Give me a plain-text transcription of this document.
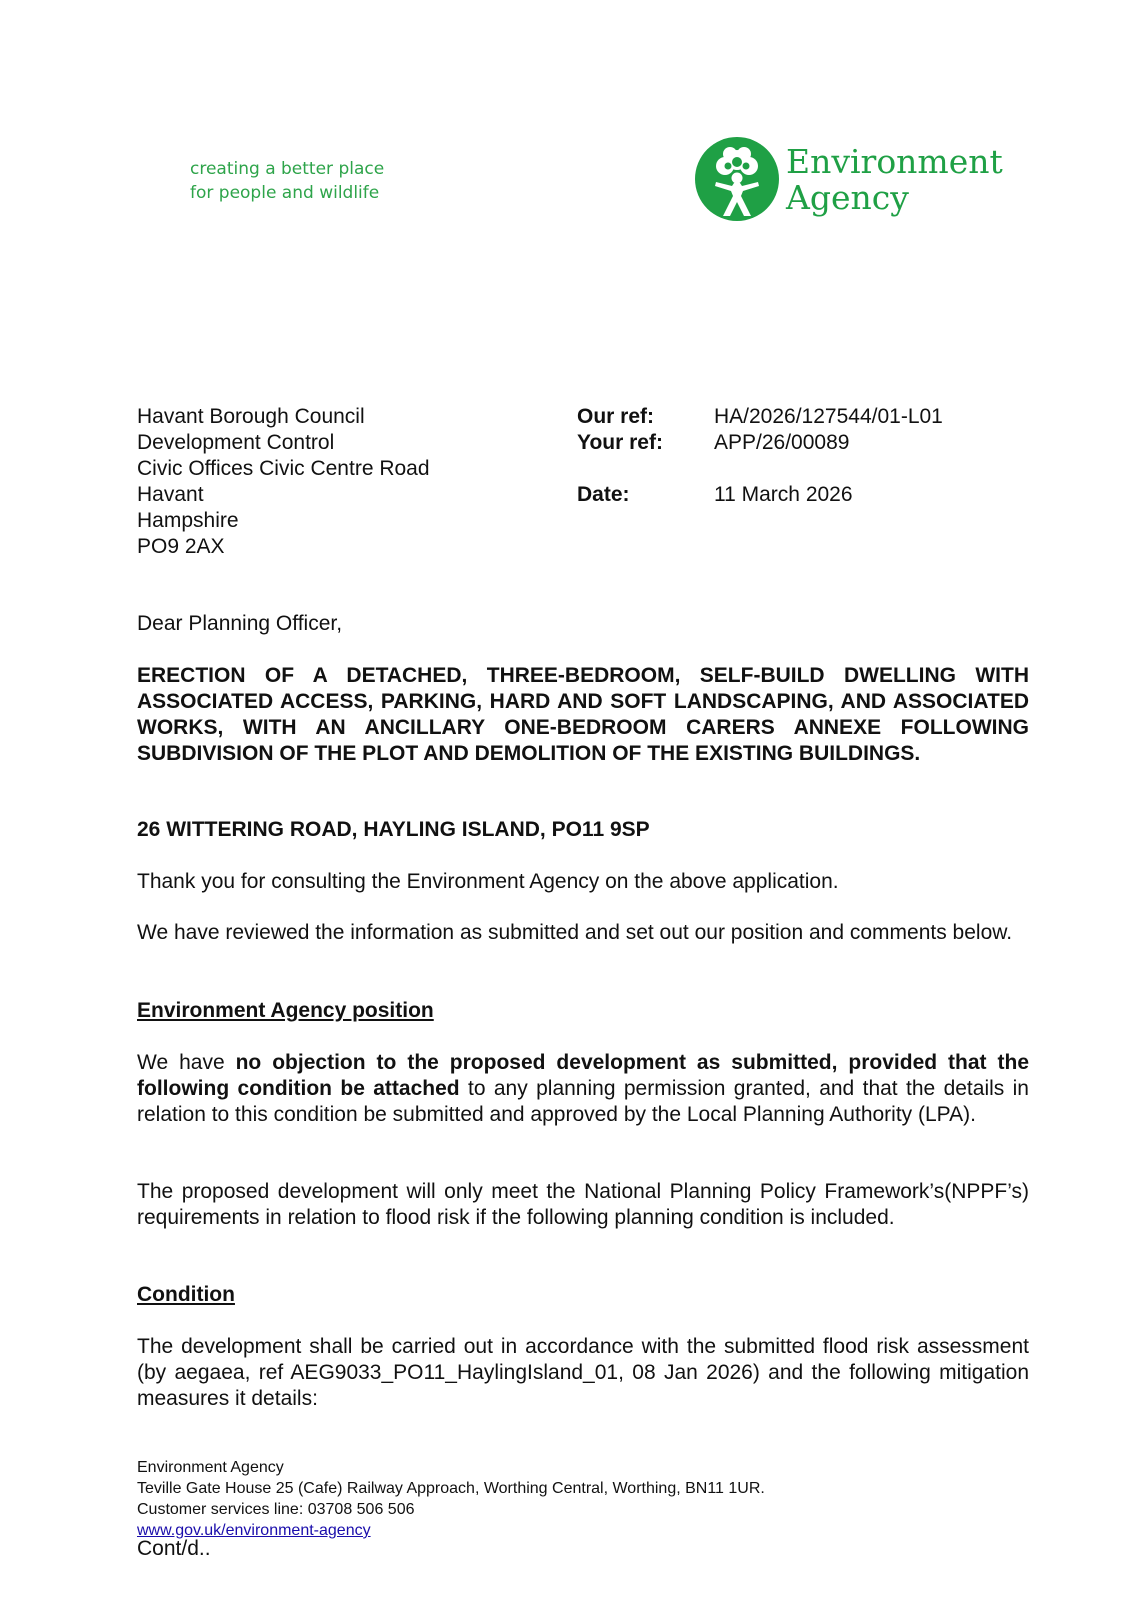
creating a better place
for people and wildlife
Environment
Agency
Havant Borough Council
Development Control
Civic Offices Civic Centre Road
Havant
Hampshire
PO9 2AX
Our ref:	HA/2026/127544/01-L01
Your ref:	APP/26/00089
Date:	11 March 2026
Dear Planning Officer,
ERECTION OF A DETACHED, THREE-BEDROOM, SELF-BUILD DWELLING WITH ASSOCIATED ACCESS, PARKING, HARD AND SOFT LANDSCAPING, AND ASSOCIATED WORKS, WITH AN ANCILLARY ONE-BEDROOM CARERS ANNEXE FOLLOWING SUBDIVISION OF THE PLOT AND DEMOLITION OF THE EXISTING BUILDINGS.
26 WITTERING ROAD, HAYLING ISLAND, PO11 9SP
Thank you for consulting the Environment Agency on the above application.
We have reviewed the information as submitted and set out our position and comments below.
Environment Agency position
We have no objection to the proposed development as submitted, provided that the following condition be attached to any planning permission granted, and that the details in relation to this condition be submitted and approved by the Local Planning Authority (LPA).
The proposed development will only meet the National Planning Policy Framework’s(NPPF’s) requirements in relation to flood risk if the following planning condition is included.
Condition
The development shall be carried out in accordance with the submitted flood risk assessment (by aegaea, ref AEG9033_PO11_HaylingIsland_01, 08 Jan 2026) and the following mitigation measures it details:
Environment Agency
Teville Gate House 25 (Cafe) Railway Approach, Worthing Central, Worthing, BN11 1UR.
Customer services line: 03708 506 506
www.gov.uk/environment-agency
Cont/d..
